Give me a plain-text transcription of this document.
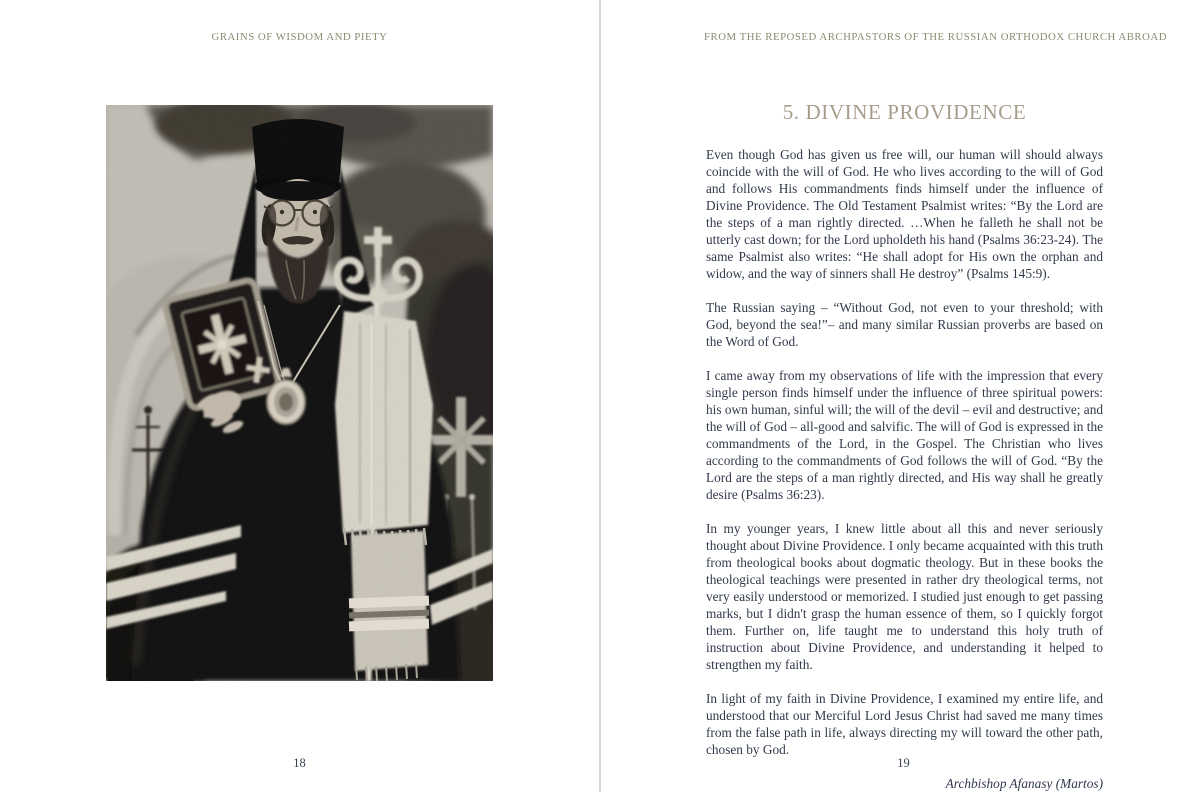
GRAINS OF WISDOM AND PIETY
18
FROM THE REPOSED ARCHPASTORS OF THE RUSSIAN ORTHODOX CHURCH ABROAD
5. DIVINE PROVIDENCE

Even though God has given us free will, our human will should always coincide with the will of God. He who lives according to the will of God and follows His commandments finds himself under the influence of Divine Providence. The Old Testament Psalmist writes: “By the Lord are the steps of a man rightly directed. …When he falleth he shall not be utterly cast down; for the Lord upholdeth his hand (Psalms 36:23-24). The same Psalmist also writes: “He shall adopt for His own the orphan and widow, and the way of sinners shall He destroy” (Psalms 145:9).

The Russian saying – “Without God, not even to your threshold; with God, beyond the sea!”– and many similar Russian proverbs are based on the Word of God.

I came away from my observations of life with the impression that every single person finds himself under the influence of three spiritual powers: his own human, sinful will; the will of the devil – evil and destructive; and the will of God – all-good and salvific. The will of God is expressed in the commandments of the Lord, in the Gospel. The Christian who lives according to the commandments of God follows the will of God. “By the Lord are the steps of a man rightly directed, and His way shall he greatly desire (Psalms 36:23).

In my younger years, I knew little about all this and never seriously thought about Divine Providence. I only became acquainted with this truth from theological books about dogmatic theology. But in these books the theological teachings were presented in rather dry theological terms, not very easily understood or memorized. I studied just enough to get passing marks, but I didn't grasp the human essence of them, so I quickly forgot them. Further on, life taught me to understand this holy truth of instruction about Divine Providence, and understanding it helped to strengthen my faith.

In light of my faith in Divine Providence, I examined my entire life, and understood that our Merciful Lord Jesus Christ had saved me many times from the false path in life, always directing my will toward the other path, chosen by God.

Archbishop Afanasy (Martos)
19
